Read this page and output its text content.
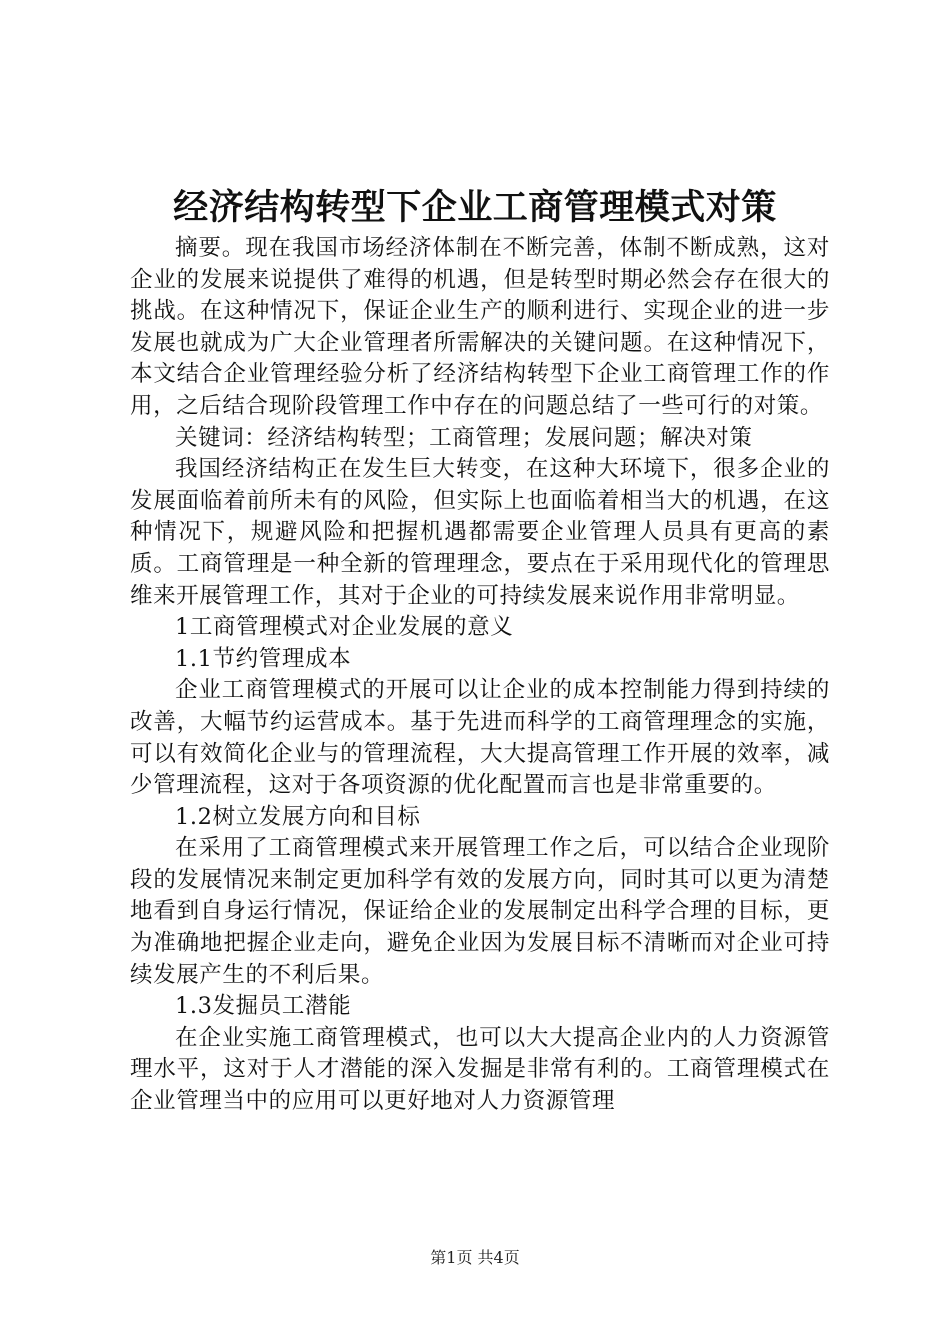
经济结构转型下企业工商管理模式对策

摘要。现在我国市场经济体制在不断完善，体制不断成熟，这对企业的发展来说提供了难得的机遇，但是转型时期必然会存在很大的挑战。在这种情况下，保证企业生产的顺利进行、实现企业的进一步发展也就成为广大企业管理者所需解决的关键问题。在这种情况下，本文结合企业管理经验分析了经济结构转型下企业工商管理工作的作用，之后结合现阶段管理工作中存在的问题总结了一些可行的对策。

关键词：经济结构转型；工商管理；发展问题；解决对策

我国经济结构正在发生巨大转变，在这种大环境下，很多企业的发展面临着前所未有的风险，但实际上也面临着相当大的机遇，在这种情况下，规避风险和把握机遇都需要企业管理人员具有更高的素质。工商管理是一种全新的管理理念，要点在于采用现代化的管理思维来开展管理工作，其对于企业的可持续发展来说作用非常明显。

1工商管理模式对企业发展的意义

1.1节约管理成本

企业工商管理模式的开展可以让企业的成本控制能力得到持续的改善，大幅节约运营成本。基于先进而科学的工商管理理念的实施，可以有效简化企业与的管理流程，大大提高管理工作开展的效率，减少管理流程，这对于各项资源的优化配置而言也是非常重要的。

1.2树立发展方向和目标

在采用了工商管理模式来开展管理工作之后，可以结合企业现阶段的发展情况来制定更加科学有效的发展方向，同时其可以更为清楚地看到自身运行情况，保证给企业的发展制定出科学合理的目标，更为准确地把握企业走向，避免企业因为发展目标不清晰而对企业可持续发展产生的不利后果。

1.3发掘员工潜能

在企业实施工商管理模式，也可以大大提高企业内的人力资源管理水平，这对于人才潜能的深入发掘是非常有利的。工商管理模式在企业管理当中的应用可以更好地对人力资源管理

第1页 共4页
